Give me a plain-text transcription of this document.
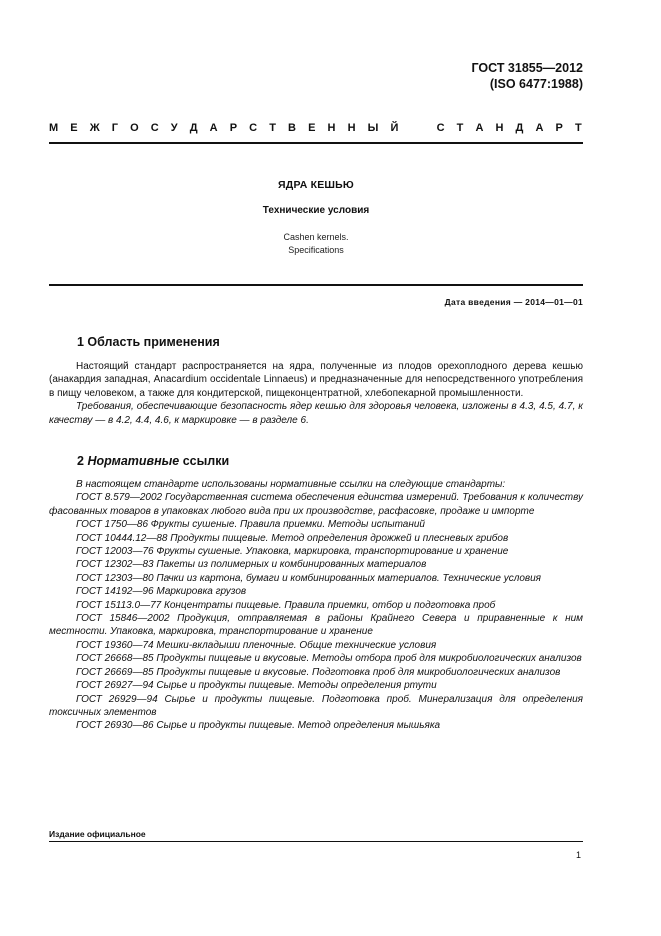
ГОСТ 31855—2012
(ISO 6477:1988)
М Е Ж Г О С У Д А Р С Т В Е Н Н Ы Й	С Т А Н Д А Р Т
ЯДРА КЕШЬЮ
Технические условия
Cashen kernels.
Specifications
Дата введения — 2014—01—01
1 Область применения

Настоящий стандарт распространяется на ядра, полученные из плодов орехоплодного дерева кешью (анакардия западная, Anacardium occidentale Linnaeus) и предназначенные для непосредственного употребления в пищу человеком, а также для кондитерской, пищеконцентратной, хлебопекарной промышленности.

Требования, обеспечивающие безопасность ядер кешью для здоровья человека, изложены в 4.3, 4.5, 4.7, к качеству — в 4.2, 4.4, 4.6, к маркировке — в разделе 6.

2 Нормативные ссылки

В настоящем стандарте использованы нормативные ссылки на следующие стандарты:

ГОСТ 8.579—2002 Государственная система обеспечения единства измерений. Требования к количеству фасованных товаров в упаковках любого вида при их производстве, расфасовке, продаже и импорте

ГОСТ 1750—86 Фрукты сушеные. Правила приемки. Методы испытаний

ГОСТ 10444.12—88 Продукты пищевые. Метод определения дрожжей и плесневых грибов

ГОСТ 12003—76 Фрукты сушеные. Упаковка, маркировка, транспортирование и хранение

ГОСТ 12302—83 Пакеты из полимерных и комбинированных материалов

ГОСТ 12303—80 Пачки из картона, бумаги и комбинированных материалов. Технические условия

ГОСТ 14192—96 Маркировка грузов

ГОСТ 15113.0—77 Концентраты пищевые. Правила приемки, отбор и подготовка проб

ГОСТ 15846—2002 Продукция, отправляемая в районы Крайнего Севера и приравненные к ним местности. Упаковка, маркировка, транспортирование и хранение

ГОСТ 19360—74 Мешки-вкладыши пленочные. Общие технические условия

ГОСТ 26668—85 Продукты пищевые и вкусовые. Методы отбора проб для микробиологических анализов

ГОСТ 26669—85 Продукты пищевые и вкусовые. Подготовка проб для микробиологических анализов

ГОСТ 26927—94 Сырье и продукты пищевые. Методы определения ртути

ГОСТ 26929—94 Сырье и продукты пищевые. Подготовка проб. Минерализация для определения токсичных элементов

ГОСТ 26930—86 Сырье и продукты пищевые. Метод определения мышьяка

Издание официальное
1
